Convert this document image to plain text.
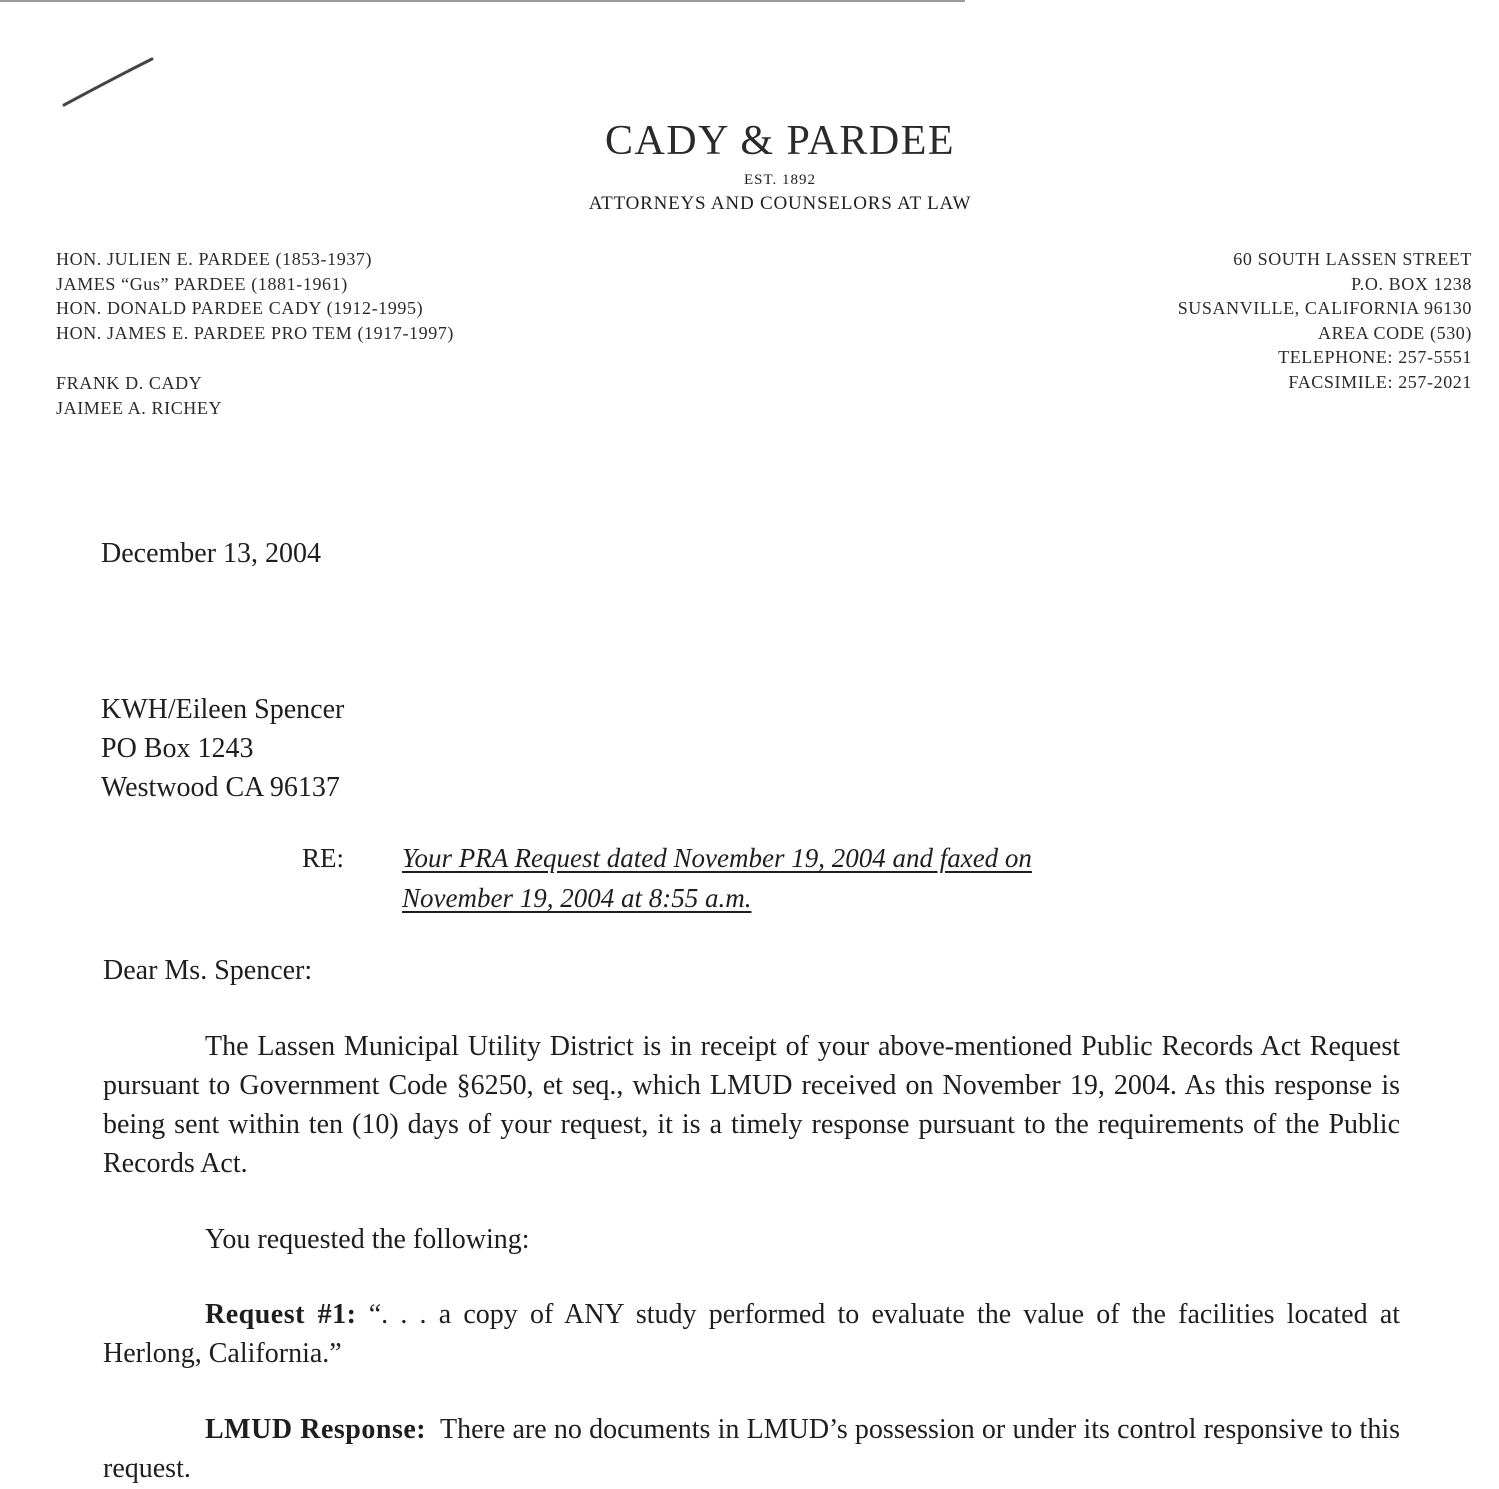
CADY & PARDEE
EST. 1892
ATTORNEYS AND COUNSELORS AT LAW
HON. JULIEN E. PARDEE (1853-1937)
JAMES “Gus” PARDEE (1881-1961)
HON. DONALD PARDEE CADY (1912-1995)
HON. JAMES E. PARDEE PRO TEM (1917-1997)
FRANK D. CADY
JAIMEE A. RICHEY
60 SOUTH LASSEN STREET
P.O. BOX 1238
SUSANVILLE, CALIFORNIA 96130
AREA CODE (530)
TELEPHONE: 257-5551
FACSIMILE: 257-2021
December 13, 2004
KWH/Eileen Spencer
PO Box 1243
Westwood CA 96137
RE: Your PRA Request dated November 19, 2004 and faxed on
November 19, 2004 at 8:55 a.m.
Dear Ms. Spencer:
The Lassen Municipal Utility District is in receipt of your above-mentioned Public Records Act Request pursuant to Government Code §6250, et seq., which LMUD received on November 19, 2004. As this response is being sent within ten (10) days of your request, it is a timely response pursuant to the requirements of the Public Records Act.
You requested the following:
Request #1: “. . . a copy of ANY study performed to evaluate the value of the facilities located at Herlong, California.”
LMUD Response: There are no documents in LMUD’s possession or under its control responsive to this request.
